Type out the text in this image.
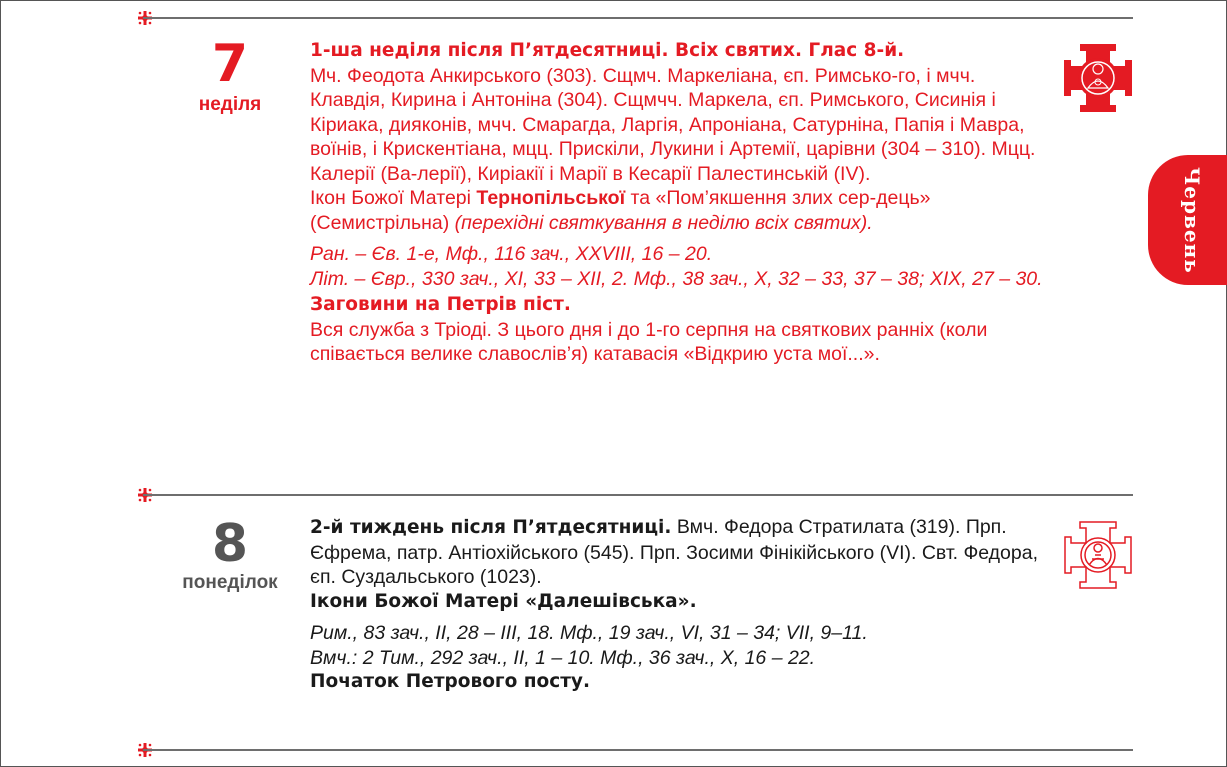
7
неділя

1-ша неділя після П’ятдесятниці. Всіх святих. Глас 8-й.

Мч. Феодота Анкирського (303). Сщмч. Маркеліана, єп. Римсько-го, і мчч. Клавдія, Кирина і Антоніна (304). Сщмчч. Маркела, єп. Римського, Сисинія і Кіриака, дияконів, мчч. Смарагда, Ларгія, Апроніана, Сатурніна, Папія і Мавра, воїнів, і Крискентіана, мцц. Прискіли, Лукини і Артемії, царівни (304 – 310). Мцц. Калерії (Ва-лерії), Киріакії і Марії в Кесарії Палестинській (IV).

Ікон Божої Матері Тернопільської та «Пом’якшення злих сер-дець» (Семистрільна) (перехідні святкування в неділю всіх святих).

Ран. – Єв. 1-е, Мф., 116 зач., XXVIII, 16 – 20.

Літ. – Євр., 330 зач., XI, 33 – XII, 2. Мф., 38 зач., X, 32 – 33, 37 – 38; XIX, 27 – 30.

Заговини на Петрів піст.

Вся служба з Тріоді. З цього дня і до 1-го серпня на святкових ранніх (коли співається велике славослів’я) катавасія «Відкрию уста мої...».

Червень
8
понеділок

2-й тиждень після П’ятдесятниці. Вмч. Федора Стратилата (319). Прп. Єфрема, патр. Антіохійського (545). Прп. Зосими Фінікійського (VI). Свт. Федора, єп. Суздальського (1023).

Ікони Божої Матері «Далешівська».

Рим., 83 зач., II, 28 – III, 18. Мф., 19 зач., VI, 31 – 34; VII, 9–11.

Вмч.: 2 Тим., 292 зач., II, 1 – 10. Мф., 36 зач., X, 16 – 22.

Початок Петрового посту.
